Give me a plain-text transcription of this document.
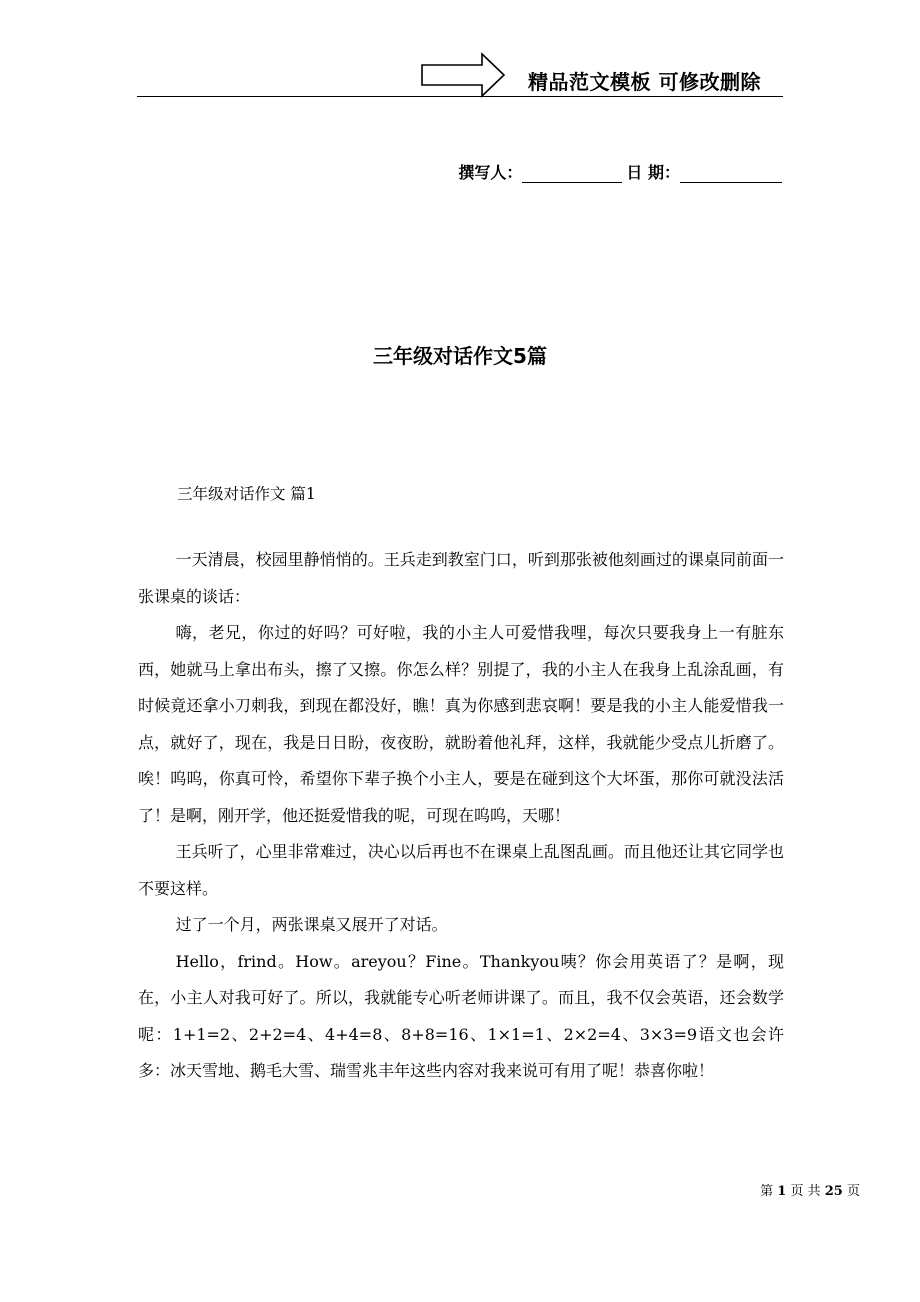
精品范文模板 可修改删除
撰写人：	日 期：
三年级对话作文5篇
三年级对话作文 篇1

一天清晨，校园里静悄悄的。王兵走到教室门口，听到那张被他刻画过的课桌同前面一张课桌的谈话：

嗨，老兄，你过的好吗？可好啦，我的小主人可爱惜我哩，每次只要我身上一有脏东西，她就马上拿出布头，擦了又擦。你怎么样？别提了，我的小主人在我身上乱涂乱画，有时候竟还拿小刀刺我，到现在都没好，瞧！真为你感到悲哀啊！要是我的小主人能爱惜我一点，就好了，现在，我是日日盼，夜夜盼，就盼着他礼拜，这样，我就能少受点儿折磨了。唉！呜呜，你真可怜，希望你下辈子换个小主人，要是在碰到这个大坏蛋，那你可就没法活了！是啊，刚开学，他还挺爱惜我的呢，可现在呜呜，天哪！

王兵听了，心里非常难过，决心以后再也不在课桌上乱图乱画。而且他还让其它同学也不要这样。

过了一个月，两张课桌又展开了对话。

Hello，frind。How。areyou？Fine。Thankyou咦？你会用英语了？是啊，现在，小主人对我可好了。所以，我就能专心听老师讲课了。而且，我不仅会英语，还会数学呢：1+1=2、2+2=4、4+4=8、8+8=16、1×1=1、2×2=4、3×3=9语文也会许多：冰天雪地、鹅毛大雪、瑞雪兆丰年这些内容对我来说可有用了呢！恭喜你啦！

第 1 页 共 25 页
